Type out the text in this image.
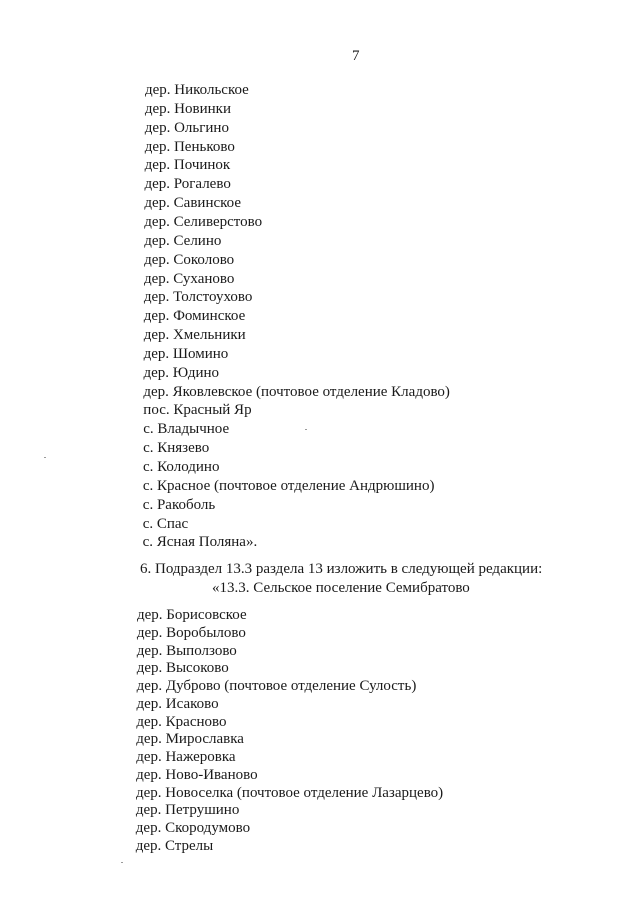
7
дер. Никольское
дер. Новинки
дер. Ольгино
дер. Пеньково
дер. Починок
дер. Рогалево
дер. Савинское
дер. Селиверстово
дер. Селино
дер. Соколово
дер. Суханово
дер. Толстоухово
дер. Фоминское
дер. Хмельники
дер. Шомино
дер. Юдино
дер. Яковлевское (почтовое отделение Кладово)
пос. Красный Яр
с. Владычное
с. Князево
с. Колодино
с. Красное (почтовое отделение Андрюшино)
с. Ракоболь
с. Спас
с. Ясная Поляна».
6. Подраздел 13.3 раздела 13 изложить в следующей редакции:
«13.3. Сельское поселение Семибратово
дер. Борисовское
дер. Воробылово
дер. Выползово
дер. Высоково
дер. Дуброво (почтовое отделение Сулость)
дер. Исаково
дер. Красново
дер. Мирославка
дер. Нажеровка
дер. Ново-Иваново
дер. Новоселка (почтовое отделение Лазарцево)
дер. Петрушино
дер. Скородумово
дер. Стрелы
